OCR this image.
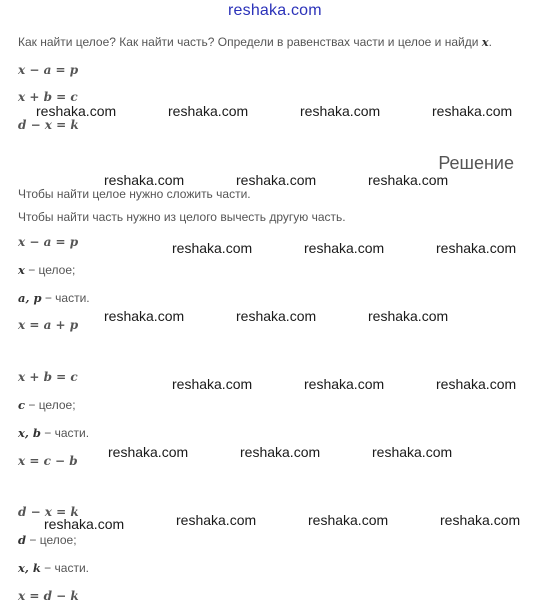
reshaka.com
Как найти целое? Как найти часть? Определи в равенствах части и целое и найди x.
x − a = p
x + b = c
d − x = k
Решение
Чтобы найти целое нужно сложить части.
Чтобы найти часть нужно из целого вычесть другую часть.
x − a = p
x − целое;
a, p − части.
x = a + p
x + b = c
c − целое;
x, b − части.
x = c − b
d − x = k
d − целое;
x, k − части.
x = d − k
reshaka.com	reshaka.com	reshaka.com	reshaka.com
reshaka.com	reshaka.com	reshaka.com
reshaka.com	reshaka.com	reshaka.com
reshaka.com	reshaka.com	reshaka.com
reshaka.com	reshaka.com	reshaka.com
reshaka.com	reshaka.com	reshaka.com
reshaka.com	reshaka.com	reshaka.com	reshaka.com
